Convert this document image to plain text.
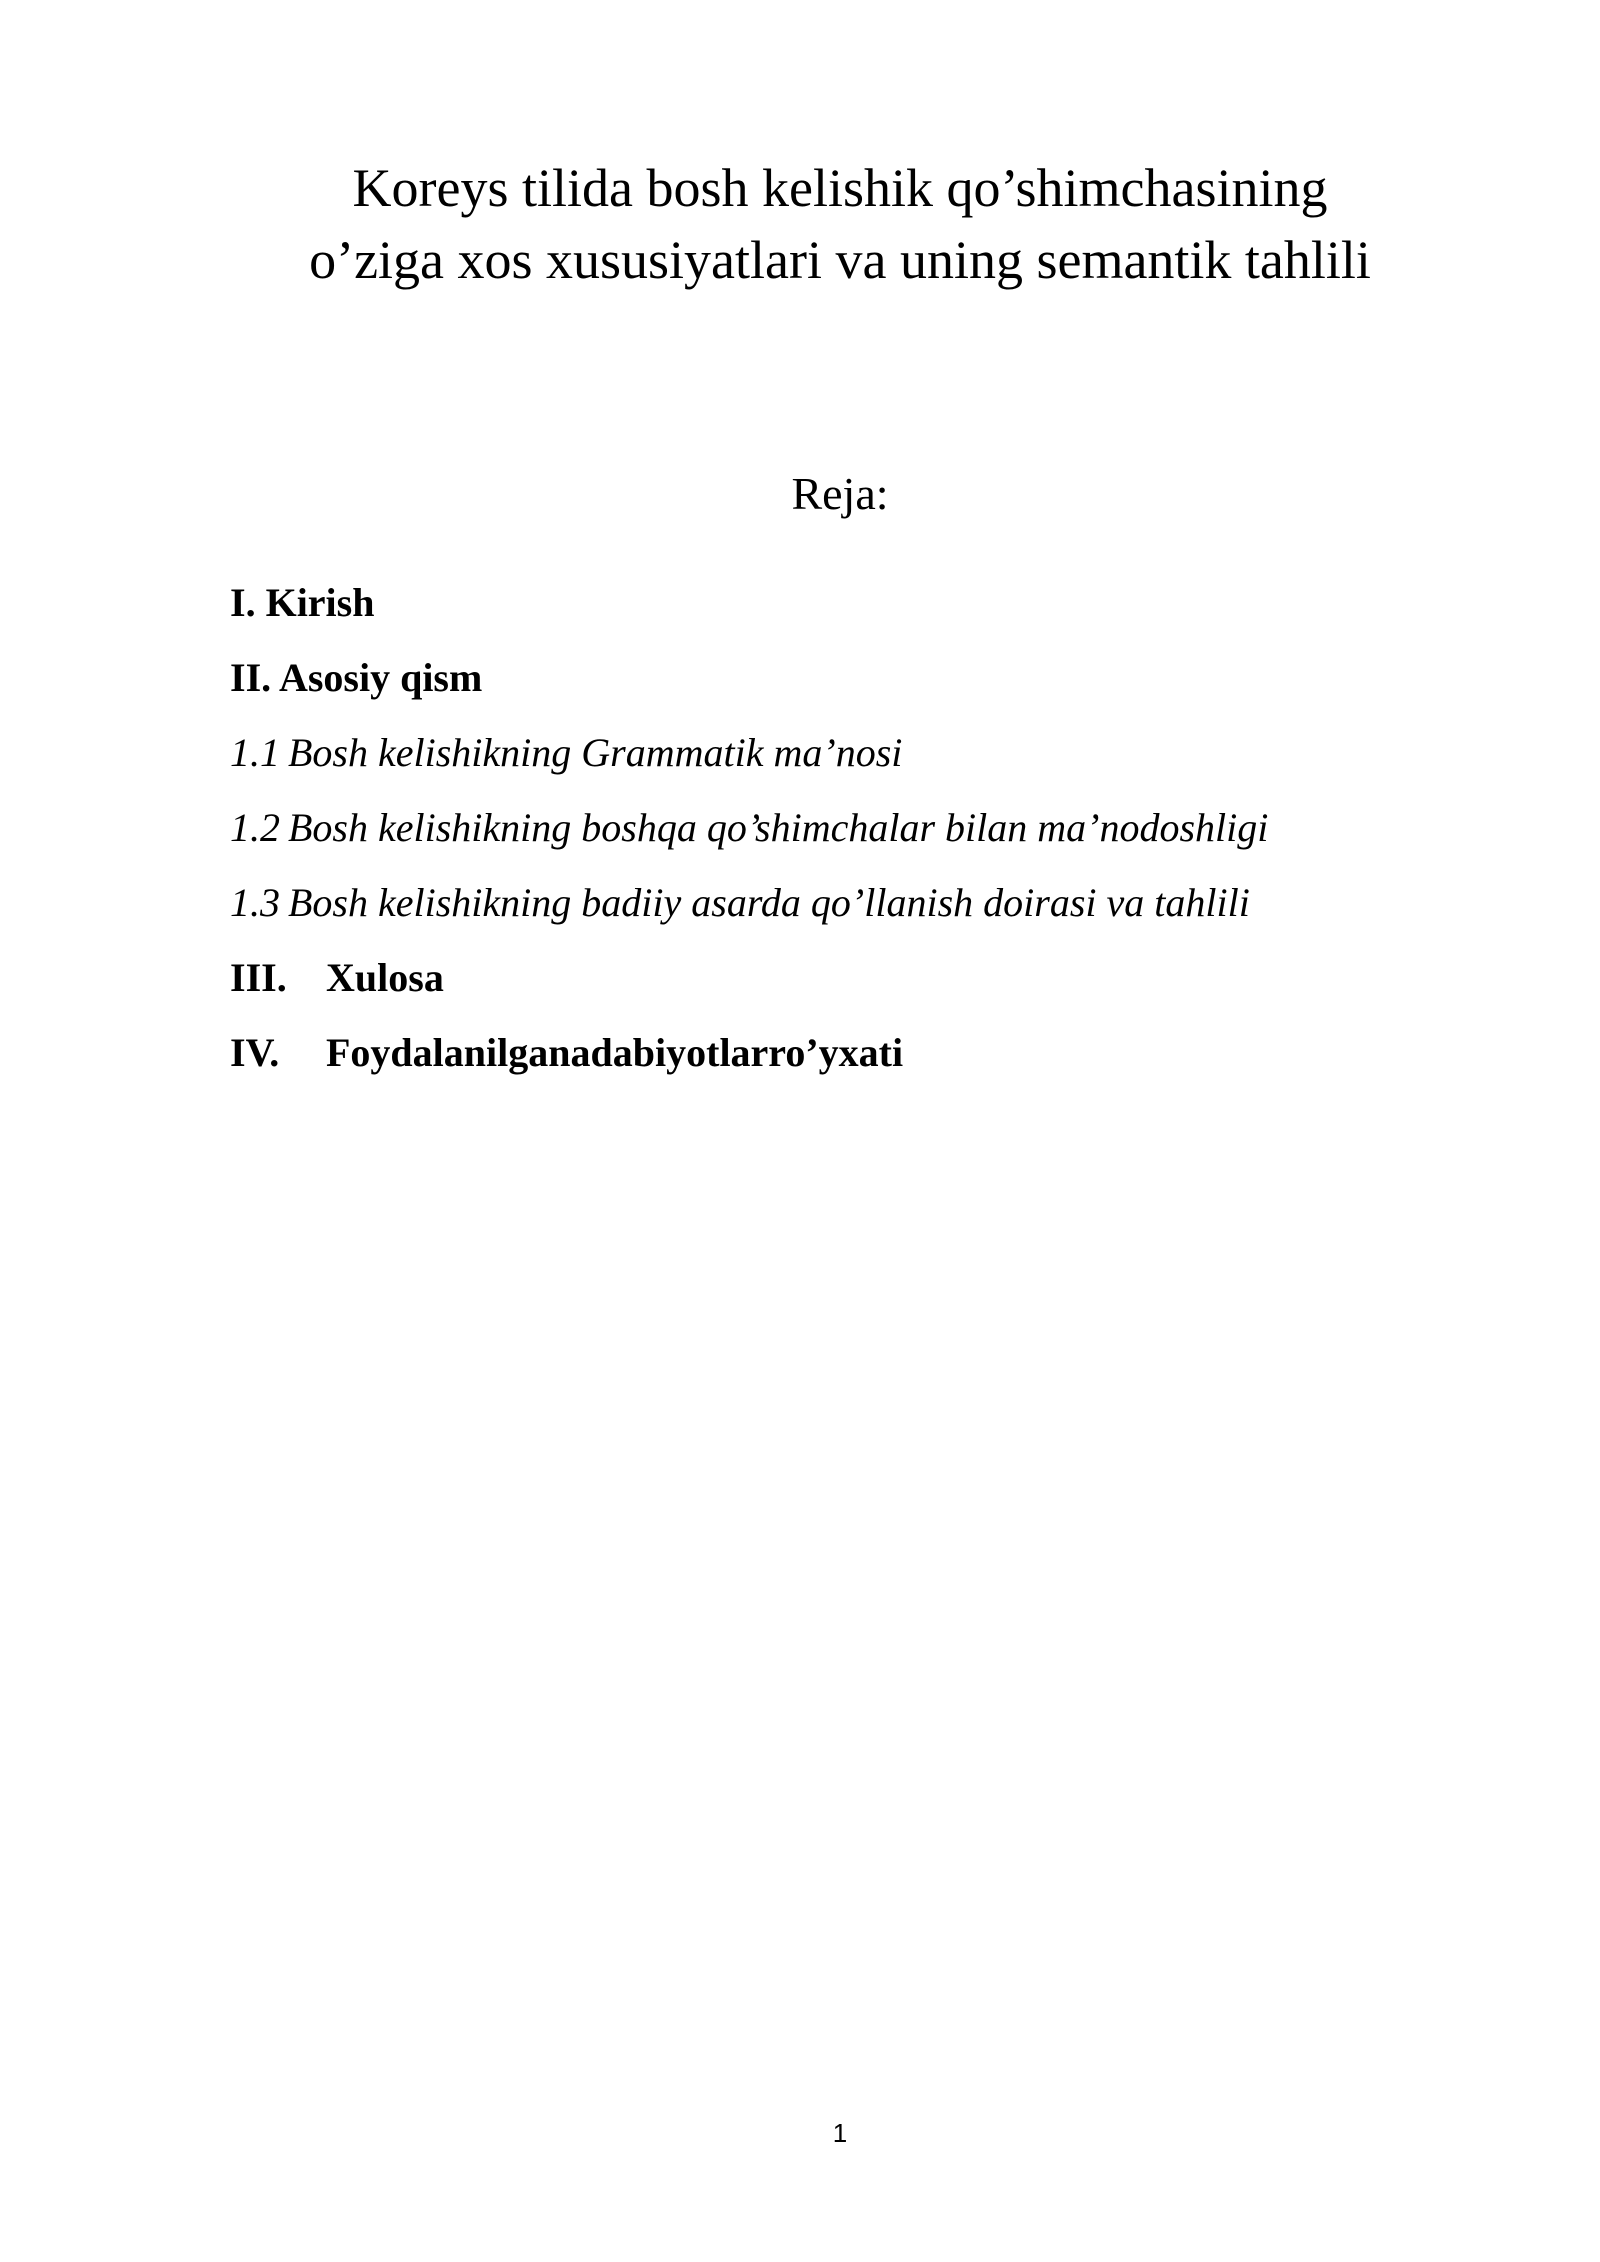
Koreys tilida bosh kelishik qo’shimchasining
o’ziga xos xususiyatlari va uning semantik tahlili

Reja:

I. Kirish
II. Asosiy qism
1.1 Bosh kelishikning Grammatik ma’nosi
1.2 Bosh kelishikning boshqa qo’shimchalar bilan ma’nodoshligi
1.3 Bosh kelishikning badiiy asarda qo’llanish doirasi va tahlili
III. Xulosa
IV. Foydalanilganadabiyotlarro’yxati
1
